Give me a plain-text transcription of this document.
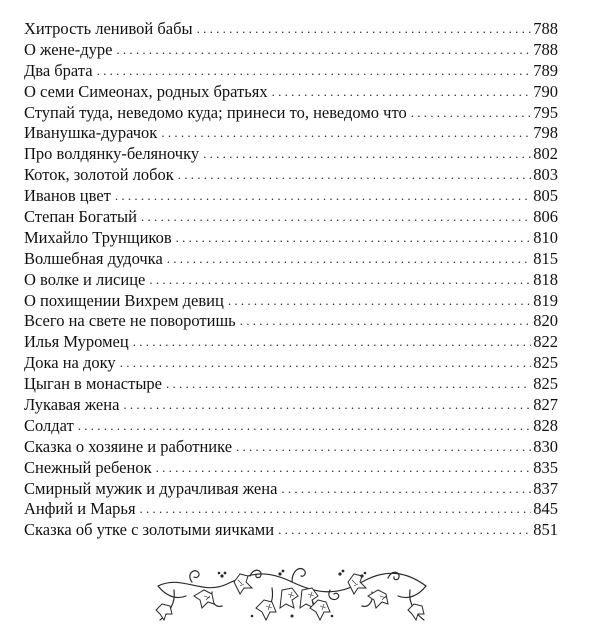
Хитрость ленивой бабы . . .	788
О жене-дуре . . .	788
Два брата . . .	789
О семи Симеонах, родных братьях . . .	790
Ступай туда, неведомо куда; принеси то, неведомо что . . .	795
Иванушка-дурачок . . .	798
Про волдянку-беляночку . . .	802
Коток, золотой лобок . . .	803
Иванов цвет . . .	805
Степан Богатый . . .	806
Михайло Трунщиков . . .	810
Волшебная дудочка . . .	815
О волке и лисице . . .	818
О похищении Вихрем девиц . . .	819
Всего на свете не поворотишь . . .	820
Илья Муромец . . .	822
Дока на доку . . .	825
Цыган в монастыре . . .	825
Лукавая жена . . .	827
Солдат . . .	828
Сказка о хозяине и работнике . . .	830
Снежный ребенок . . .	835
Смирный мужик и дурачливая жена . . .	837
Анфий и Марья . . .	845
Сказка об утке с золотыми яичками . . .	851
